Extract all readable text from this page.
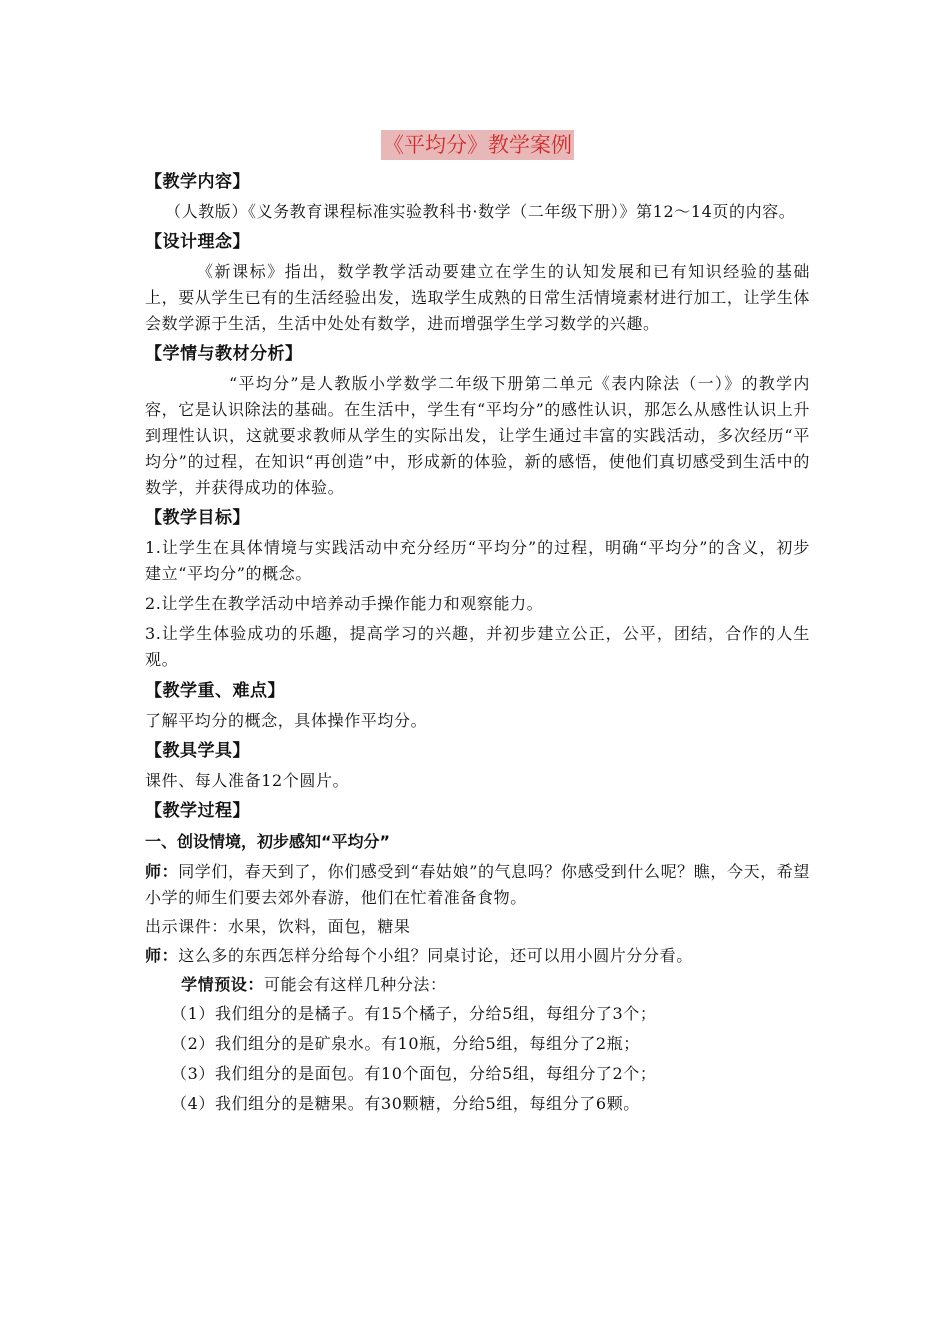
《平均分》教学案例
【教学内容】

（人教版）《义务教育课程标准实验教科书·数学（二年级下册）》第12～14页的内容。

【设计理念】

《新课标》指出，数学教学活动要建立在学生的认知发展和已有知识经验的基础上，要从学生已有的生活经验出发，选取学生成熟的日常生活情境素材进行加工，让学生体会数学源于生活，生活中处处有数学，进而增强学生学习数学的兴趣。

【学情与教材分析】

“平均分”是人教版小学数学二年级下册第二单元《表内除法（一）》的教学内容，它是认识除法的基础。在生活中，学生有“平均分”的感性认识，那怎么从感性认识上升到理性认识，这就要求教师从学生的实际出发，让学生通过丰富的实践活动，多次经历“平均分”的过程，在知识“再创造”中，形成新的体验，新的感悟，使他们真切感受到生活中的数学，并获得成功的体验。

【教学目标】

1.让学生在具体情境与实践活动中充分经历“平均分”的过程，明确“平均分”的含义，初步建立“平均分”的概念。

2.让学生在教学活动中培养动手操作能力和观察能力。

3.让学生体验成功的乐趣，提高学习的兴趣，并初步建立公正，公平，团结，合作的人生观。

【教学重、难点】

了解平均分的概念，具体操作平均分。

【教具学具】

课件、每人准备12个圆片。

【教学过程】
一、创设情境，初步感知“平均分”

师：同学们，春天到了，你们感受到“春姑娘”的气息吗？你感受到什么呢？瞧，今天，希望小学的师生们要去郊外春游，他们在忙着准备食物。

出示课件：水果，饮料，面包，糖果

师：这么多的东西怎样分给每个小组？同桌讨论，还可以用小圆片分分看。

学情预设：可能会有这样几种分法：

（1）我们组分的是橘子。有15个橘子，分给5组，每组分了3个；

（2）我们组分的是矿泉水。有10瓶，分给5组，每组分了2瓶；

（3）我们组分的是面包。有10个面包，分给5组，每组分了2个；

（4）我们组分的是糖果。有30颗糖，分给5组，每组分了6颗。
